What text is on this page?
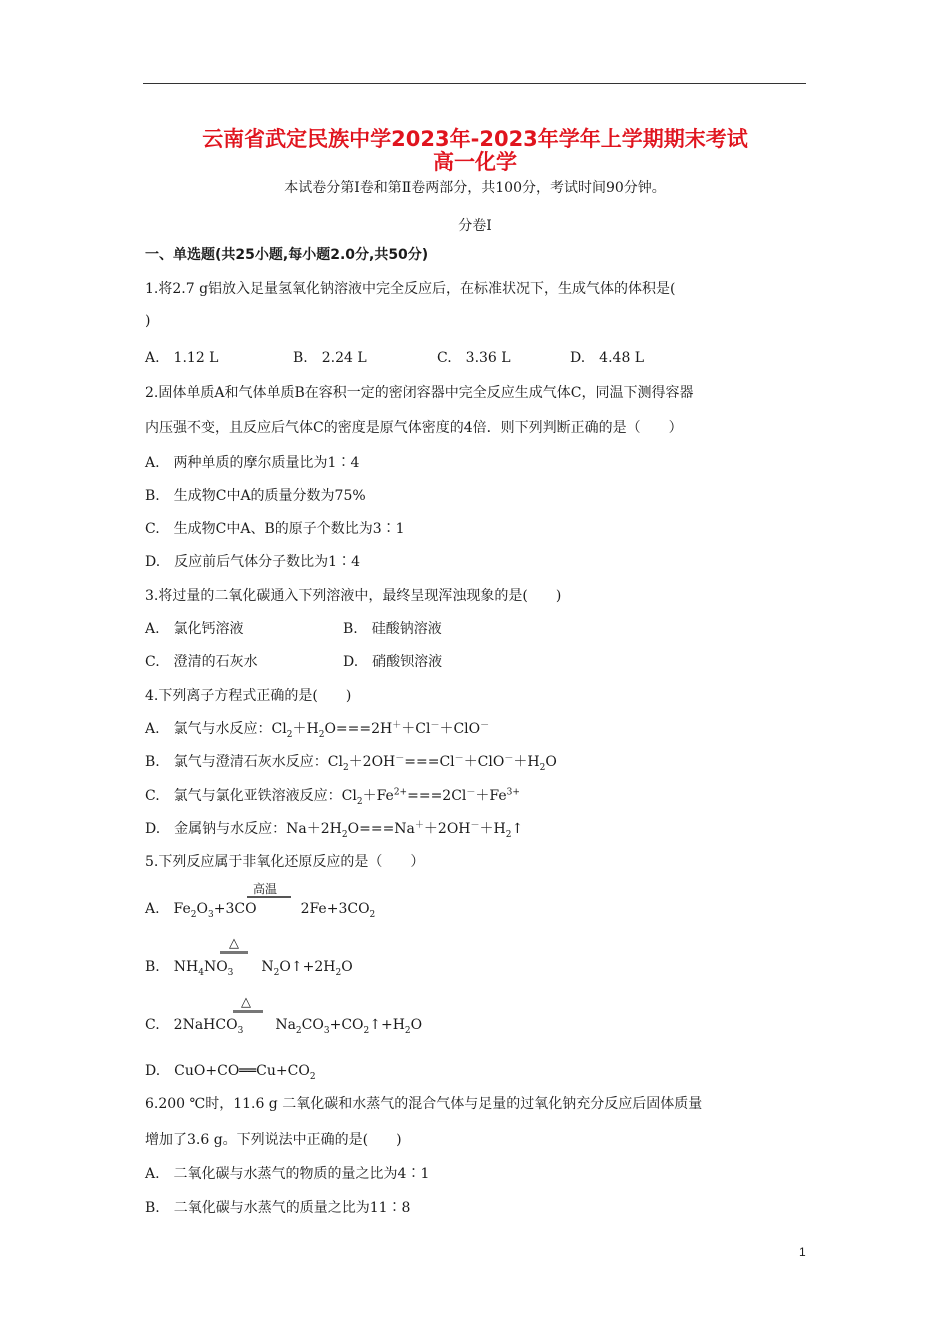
云南省武定民族中学2023年-2023年学年上学期期末考试
高一化学
本试卷分第Ⅰ卷和第Ⅱ卷两部分，共100分，考试时间90分钟。
分卷Ⅰ
一、单选题(共25小题,每小题2.0分,共50分)
1.将2.7 g铝放入足量氢氧化钠溶液中完全反应后，在标准状况下，生成气体的体积是(
)
A.　1.12 L	B.　2.24 L	C.　3.36 L	D.　4.48 L
2.固体单质A和气体单质B在容积一定的密闭容器中完全反应生成气体C，同温下测得容器
内压强不变，且反应后气体C的密度是原气体密度的4倍．则下列判断正确的是（　　）
A.　两种单质的摩尔质量比为1∶4
B.　生成物C中A的质量分数为75%
C.　生成物C中A、B的原子个数比为3∶1
D.　反应前后气体分子数比为1∶4
3.将过量的二氧化碳通入下列溶液中，最终呈现浑浊现象的是(　　)
A.　氯化钙溶液	B.　硅酸钠溶液
C.　澄清的石灰水	D.　硝酸钡溶液
4.下列离子方程式正确的是(　　)
A.　氯气与水反应：$Cl_2+H_2O===2H^++Cl^-+ClO^-$
B.　氯气与澄清石灰水反应：$Cl_2+2OH^-===Cl^-+ClO^-+H_2O$
C.　氯气与氯化亚铁溶液反应：$Cl_2+Fe^{2+}===2Cl^-+Fe^{3+}$
D.　金属钠与水反应：$Na+2H_2O===Na^++2OH^-+H_2↑$
5.下列反应属于非氧化还原反应的是（　　）
A.　$Fe_2O_3+3CO$	$2Fe+3CO_2$
高温
B.　$NH_4NO_3$ $N_2O↑+2H_2O$
△
C.　2NaHCO$_3$ $Na_2CO_3+CO_2↑+H_2O$
△
D.　$CuO+CO══Cu+CO_2$
6.200 ℃时，11.6 g 二氧化碳和水蒸气的混合气体与足量的过氧化钠充分反应后固体质量
增加了3.6 g。下列说法中正确的是(　　)
A.　二氧化碳与水蒸气的物质的量之比为4∶1
B.　二氧化碳与水蒸气的质量之比为11∶8
1
